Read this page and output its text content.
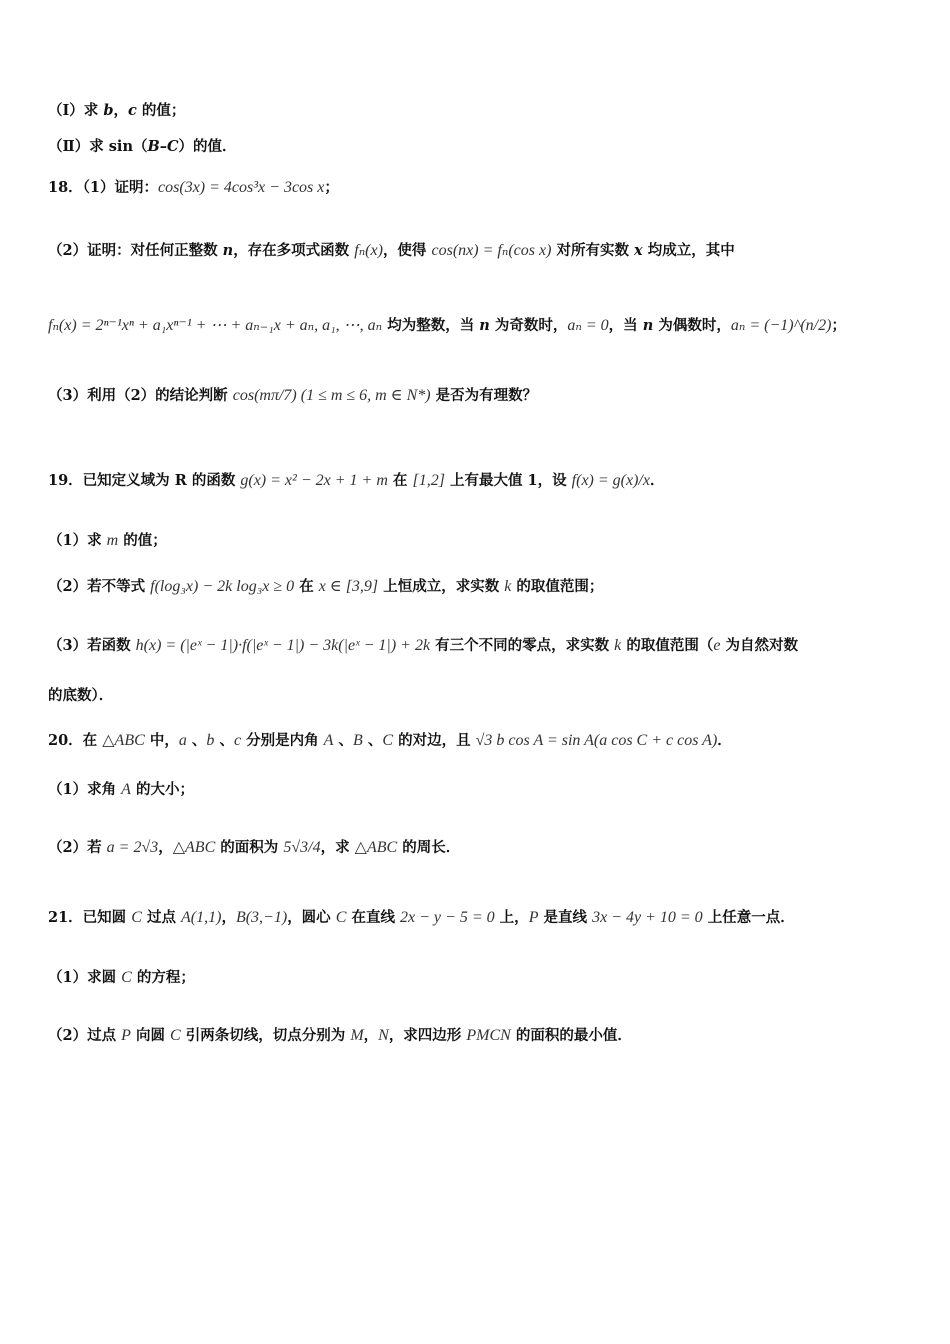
（Ⅰ）求 b，c 的值；
（Ⅱ）求 sin（B–C）的值．
18．（1）证明：cos(3x) = 4cos³x − 3cos x；
（2）证明：对任何正整数 n，存在多项式函数 fₙ(x)，使得 cos(nx) = fₙ(cos x) 对所有实数 x 均成立，其中
fₙ(x) = 2ⁿ⁻¹xⁿ + a₁xⁿ⁻¹ + ⋯ + aₙ₋₁x + aₙ, a₁, ⋯, aₙ 均为整数，当 n 为奇数时，aₙ = 0，当 n 为偶数时，aₙ = (−1)^(n/2)；
（3）利用（2）的结论判断 cos(mπ/7) (1 ≤ m ≤ 6, m ∈ N*) 是否为有理数？
19．已知定义域为 R 的函数 g(x) = x² − 2x + 1 + m 在 [1,2] 上有最大值 1，设 f(x) = g(x)/x．
（1）求 m 的值；
（2）若不等式 f(log₃x) − 2k log₃x ≥ 0 在 x ∈ [3,9] 上恒成立，求实数 k 的取值范围；
（3）若函数 h(x) = (|eˣ − 1|)·f(|eˣ − 1|) − 3k(|eˣ − 1|) + 2k 有三个不同的零点，求实数 k 的取值范围（e 为自然对数
的底数）．
20．在 △ABC 中，a 、b 、c 分别是内角 A 、B 、C 的对边，且 √3 b cos A = sin A(a cos C + c cos A)．
（1）求角 A 的大小；
（2）若 a = 2√3，△ABC 的面积为 5√3/4，求 △ABC 的周长．
21．已知圆 C 过点 A(1,1)，B(3,−1)，圆心 C 在直线 2x − y − 5 = 0 上，P 是直线 3x − 4y + 10 = 0 上任意一点．
（1）求圆 C 的方程；
（2）过点 P 向圆 C 引两条切线，切点分别为 M，N，求四边形 PMCN 的面积的最小值．
